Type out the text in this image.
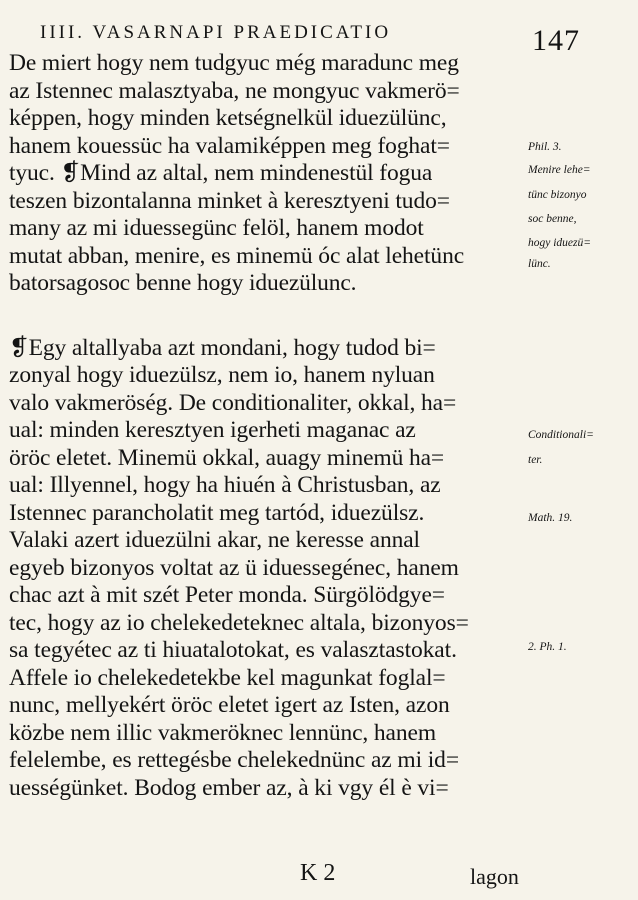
IIII. VASARNAPI PRAEDICATIO	147
De miert hogy nem tudgyuc még maradunc meg
az Istennec malasztyaba, ne mongyuc vakmerö=
képpen, hogy minden ketségnelkül iduezülünc,
hanem kouessüc ha valamiképpen meg foghat=
tyuc. ❡Mind az altal, nem mindenestül fogua
teszen bizontalanna minket à keresztyeni tudo=
many az mi iduessegünc felöl, hanem modot
mutat abban, menire, es minemü óc alat lehetünc
batorsagosoc benne hogy iduezülunc.
❡Egy altallyaba azt mondani, hogy tudod bi=
zonyal hogy iduezülsz, nem io, hanem nyluan
valo vakmeröség. De conditionaliter, okkal, ha=
ual: minden keresztyen igerheti maganac az
öröc eletet. Minemü okkal, auagy minemü ha=
ual: Illyennel, hogy ha hiuén à Christusban, az
Istennec parancholatit meg tartód, iduezülsz.
Valaki azert iduezülni akar, ne keresse annal
egyeb bizonyos voltat az ü iduessegénec, hanem
chac azt à mit szét Peter monda. Sürgölödgye=
tec, hogy az io chelekedeteknec altala, bizonyos=
sa tegyétec az ti hiuatalotokat, es valasztastokat.
Affele io chelekedetekbe kel magunkat foglal=
nunc, mellyekért öröc eletet igert az Isten, azon
közbe nem illic vakmeröknec lennünc, hanem
felelembe, es rettegésbe chelekednünc az mi id=
uességünket. Bodog ember az, à ki vgy él è vi=
Phil. 3.
Menire lehe=
tünc bizonyo
soc benne,
hogy iduezü=
lünc.
Conditionali=
ter.
Math. 19.
2. Ph. 1.
K 2	lagon
